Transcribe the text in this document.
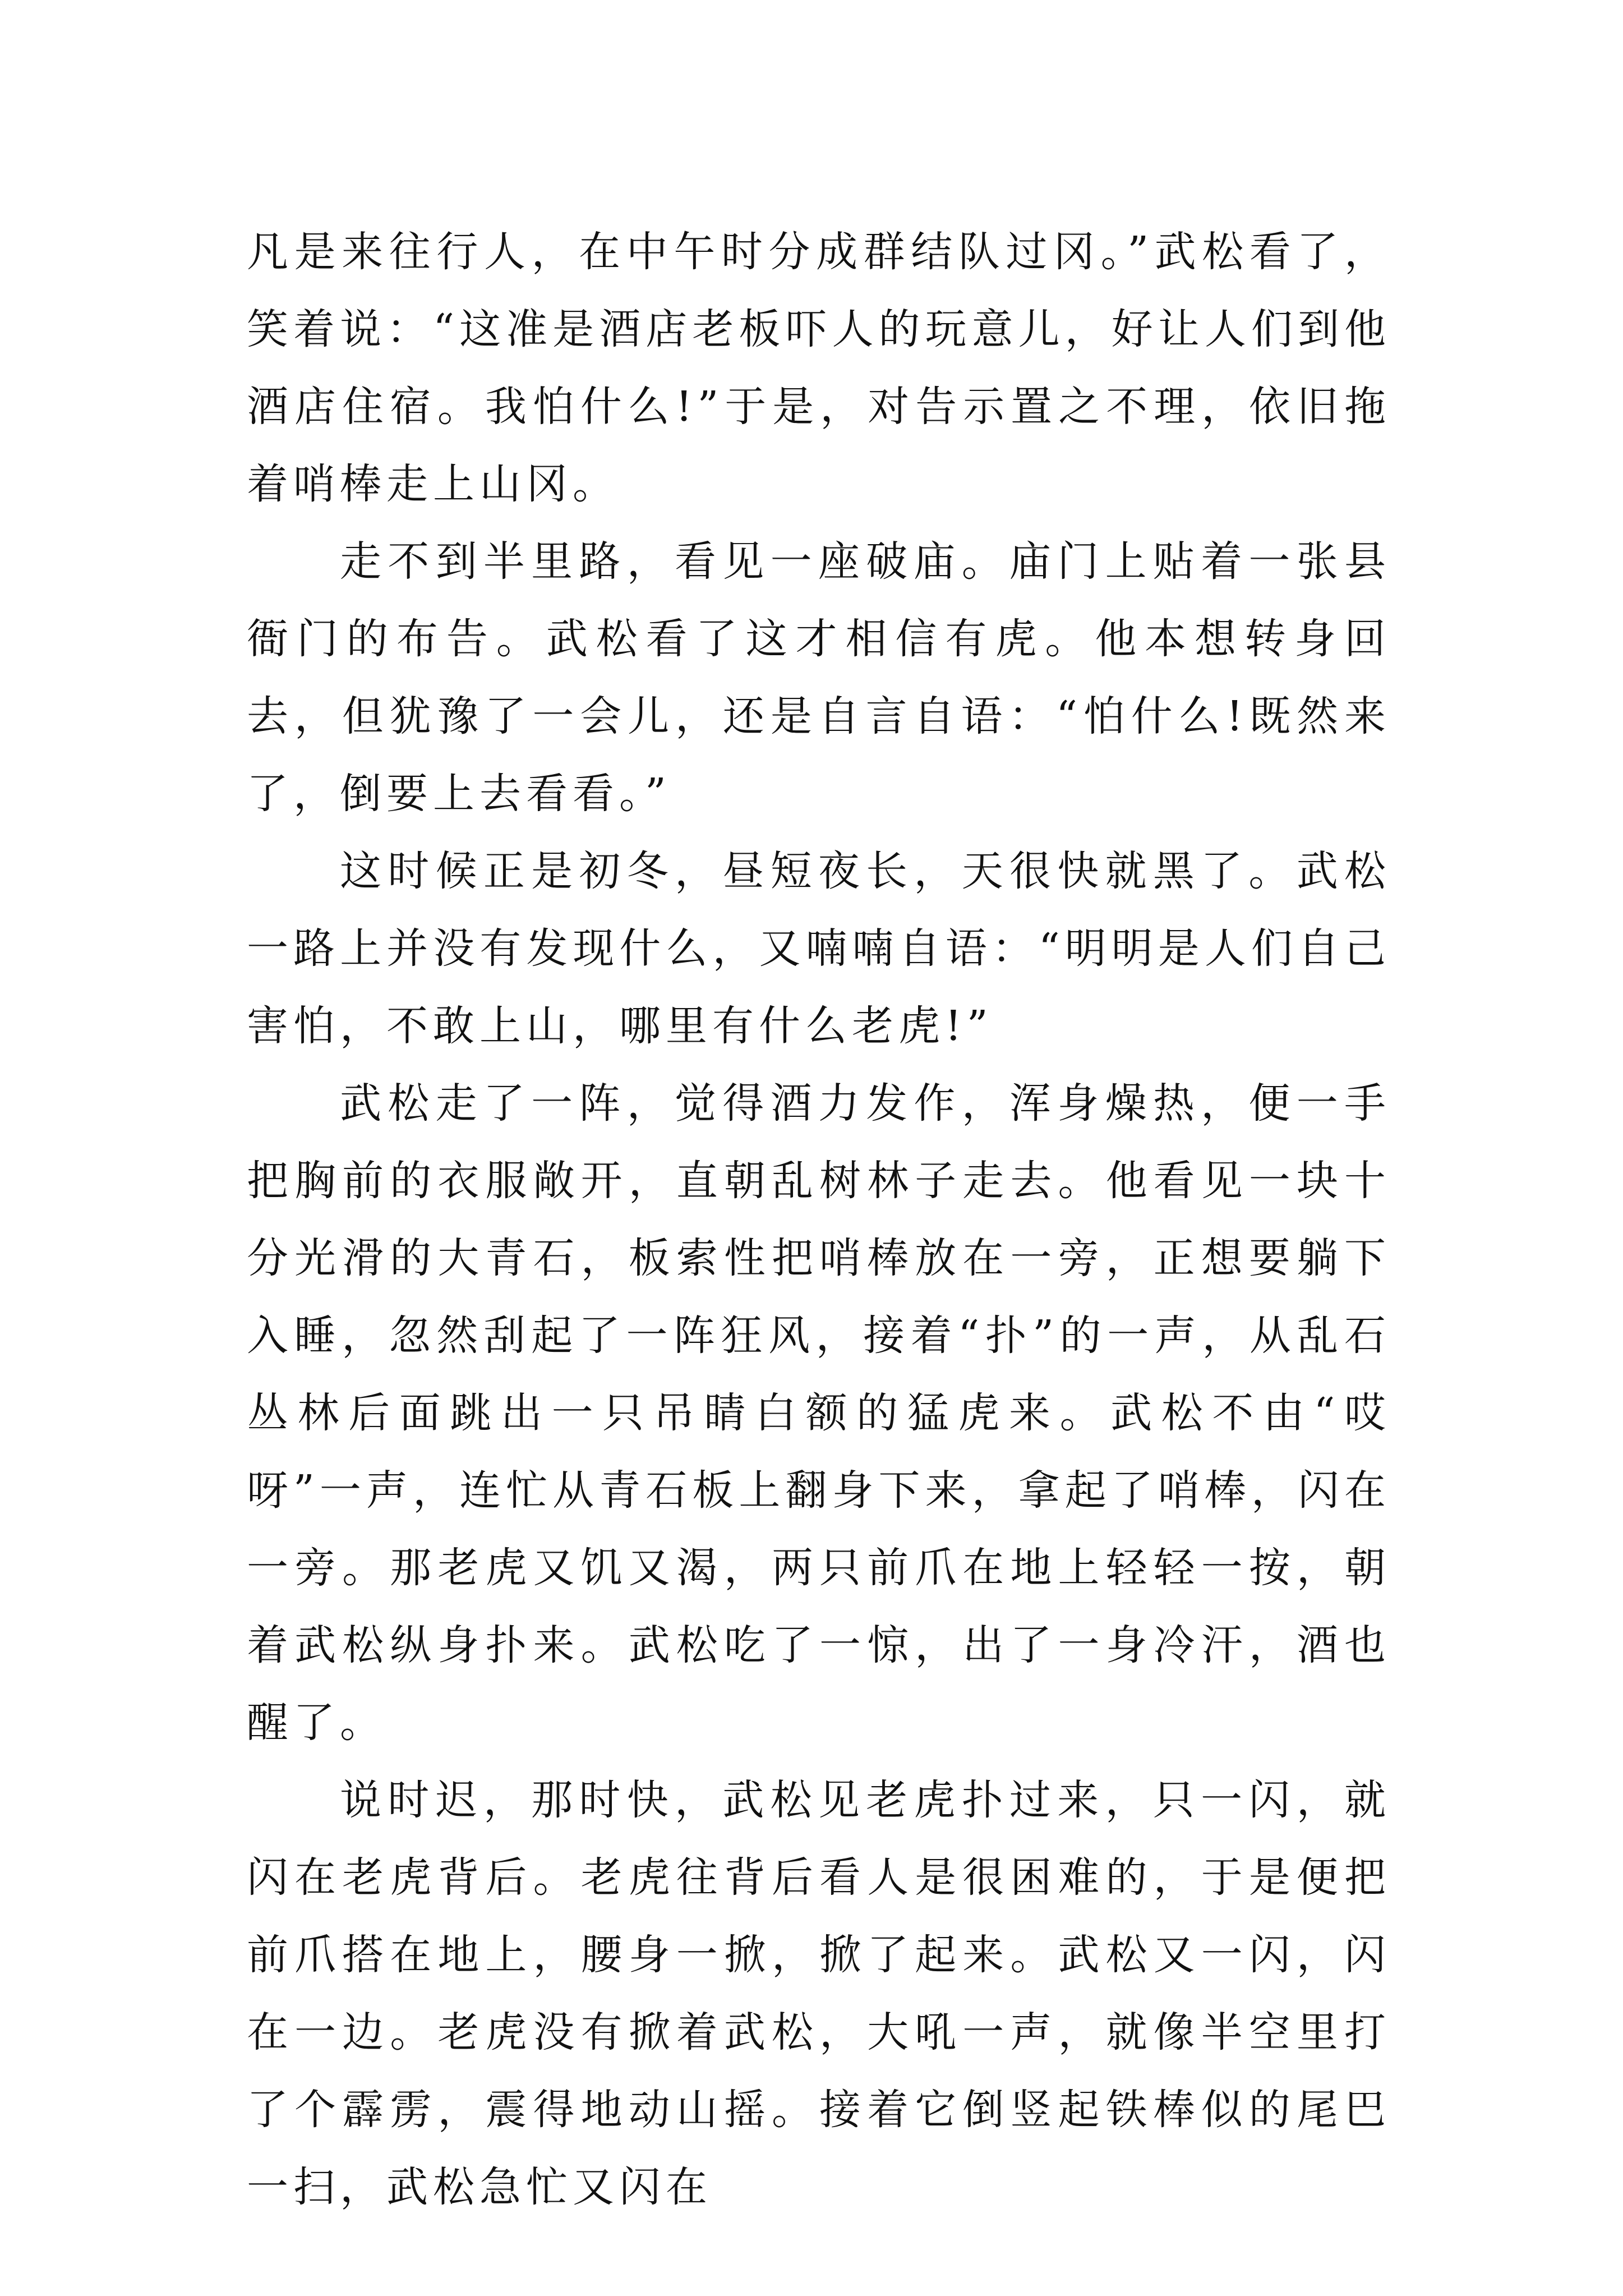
凡是来往行人，在中午时分成群结队过冈。”武松看了，笑着说：“这准是酒店老板吓人的玩意儿，好让人们到他酒店住宿。我怕什么!”于是，对告示置之不理，依旧拖着哨棒走上山冈。

走不到半里路，看见一座破庙。庙门上贴着一张县衙门的布告。武松看了这才相信有虎。他本想转身回去，但犹豫了一会儿，还是自言自语：“怕什么!既然来了，倒要上去看看。”

这时候正是初冬，昼短夜长，天很快就黑了。武松一路上并没有发现什么，又喃喃自语：“明明是人们自己害怕，不敢上山，哪里有什么老虎!”

武松走了一阵，觉得酒力发作，浑身燥热，便一手把胸前的衣服敞开，直朝乱树林子走去。他看见一块十分光滑的大青石，板索性把哨棒放在一旁，正想要躺下入睡，忽然刮起了一阵狂风，接着“扑”的一声，从乱石丛林后面跳出一只吊睛白额的猛虎来。武松不由“哎呀”一声，连忙从青石板上翻身下来，拿起了哨棒，闪在一旁。那老虎又饥又渴，两只前爪在地上轻轻一按，朝着武松纵身扑来。武松吃了一惊，出了一身冷汗，酒也醒了。

说时迟，那时快，武松见老虎扑过来，只一闪，就闪在老虎背后。老虎往背后看人是很困难的，于是便把前爪搭在地上，腰身一掀，掀了起来。武松又一闪，闪在一边。老虎没有掀着武松，大吼一声，就像半空里打了个霹雳，震得地动山摇。接着它倒竖起铁棒似的尾巴一扫，武松急忙又闪在
